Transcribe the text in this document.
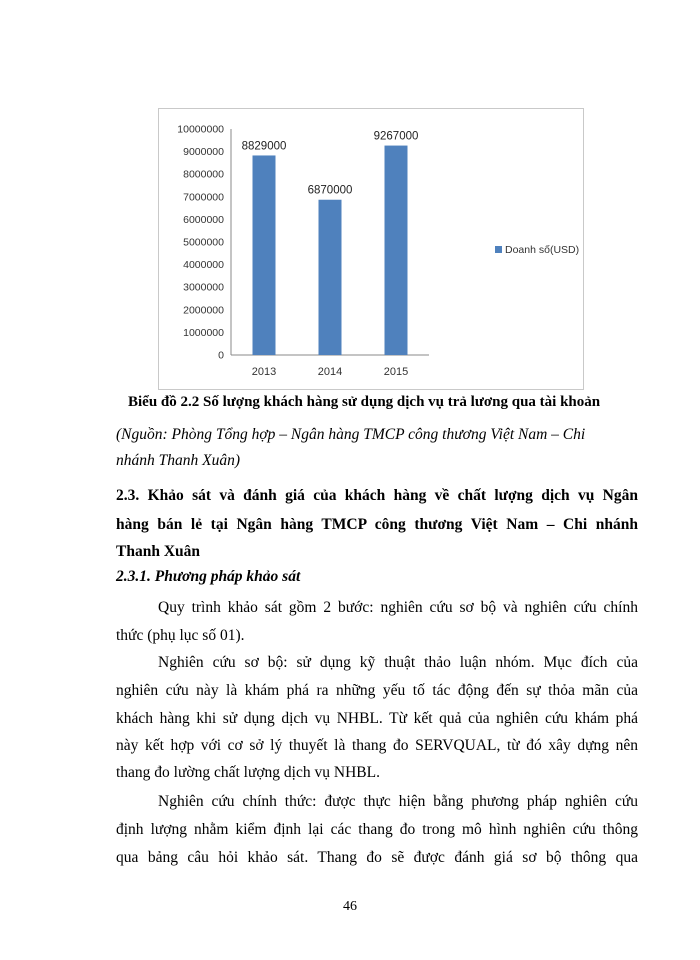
0
1000000
2000000
3000000
4000000
5000000
6000000
7000000
8000000
9000000
10000000
8829000
2013
6870000
2014
9267000
2015
Doanh số(USD)
Biểu đồ 2.2 Số lượng khách hàng sử dụng dịch vụ trả lương qua tài khoản
(Nguồn: Phòng Tổng hợp – Ngân hàng TMCP công thương Việt Nam – Chi
nhánh Thanh Xuân)
2.3. Khảo sát và đánh giá của khách hàng về chất lượng dịch vụ Ngân
hàng bán lẻ tại Ngân hàng TMCP công thương Việt Nam – Chi nhánh
Thanh Xuân
2.3.1. Phương pháp khảo sát
Quy trình khảo sát gồm 2 bước: nghiên cứu sơ bộ và nghiên cứu chính
thức (phụ lục số 01).
Nghiên cứu sơ bộ: sử dụng kỹ thuật thảo luận nhóm. Mục đích của
nghiên cứu này là khám phá ra những yếu tố tác động đến sự thỏa mãn của
khách hàng khi sử dụng dịch vụ NHBL. Từ kết quả của nghiên cứu khám phá
này kết hợp với cơ sở lý thuyết là thang đo SERVQUAL, từ đó xây dựng nên
thang đo lường chất lượng dịch vụ NHBL.
Nghiên cứu chính thức: được thực hiện bằng phương pháp nghiên cứu
định lượng nhằm kiểm định lại các thang đo trong mô hình nghiên cứu thông
qua bảng câu hỏi khảo sát. Thang đo sẽ được đánh giá sơ bộ thông qua
46
